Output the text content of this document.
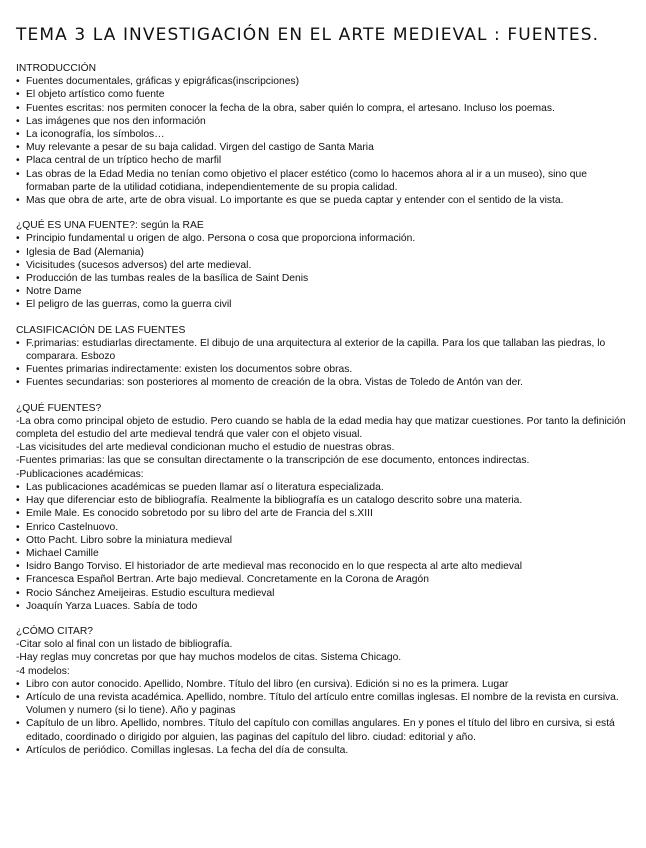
TEMA 3 LA INVESTIGACIÓN EN EL ARTE MEDIEVAL : FUENTES.

INTRODUCCIÓN

• Fuentes documentales, gráficas y epigráficas(inscripciones)
• El objeto artístico como fuente
• Fuentes escritas: nos permiten conocer la fecha de la obra, saber quién lo compra, el artesano. Incluso los poemas.
• Las imágenes que nos den información
• La iconografía, los símbolos…
• Muy relevante a pesar de su baja calidad. Virgen del castigo de Santa Maria
• Placa central de un tríptico hecho de marfil
• Las obras de la Edad Media no tenían como objetivo el placer estético (como lo hacemos ahora al ir a un museo), sino que formaban parte de la utilidad cotidiana, independientemente de su propia calidad.
• Mas que obra de arte, arte de obra visual. Lo importante es que se pueda captar y entender con el sentido de la vista.

¿QUÉ ES UNA FUENTE?: según la RAE

• Principio fundamental u origen de algo. Persona o cosa que proporciona información.
• Iglesia de Bad (Alemania)
• Vicisitudes (sucesos adversos) del arte medieval.
• Producción de las tumbas reales de la basílica de Saint Denis
• Notre Dame
• El peligro de las guerras, como la guerra civil

CLASIFICACIÓN DE LAS FUENTES

• F.primarias: estudiarlas directamente. El dibujo de una arquitectura al exterior de la capilla. Para los que tallaban las piedras, lo comparara. Esbozo
• Fuentes primarias indirectamente: existen los documentos sobre obras.
• Fuentes secundarias: son posteriores al momento de creación de la obra. Vistas de Toledo de Antón van der.

¿QUÉ FUENTES?

-La obra como principal objeto de estudio. Pero cuando se habla de la edad media hay que matizar cuestiones. Por tanto la definición completa del estudio del arte medieval tendrá que valer con el objeto visual.

-Las vicisitudes del arte medieval condicionan mucho el estudio de nuestras obras.

-Fuentes primarias: las que se consultan directamente o la transcripción de ese documento, entonces indirectas.

-Publicaciones académicas:

• Las publicaciones académicas se pueden llamar así o literatura especializada.
• Hay que diferenciar esto de bibliografía. Realmente la bibliografía es un catalogo descrito sobre una materia.
• Emile Male. Es conocido sobretodo por su libro del arte de Francia del s.XIII
• Enrico Castelnuovo.
• Otto Pacht. Libro sobre la miniatura medieval
• Michael Camille
• Isidro Bango Torviso. El historiador de arte medieval mas reconocido en lo que respecta al arte alto medieval
• Francesca Español Bertran. Arte bajo medieval. Concretamente en la Corona de Aragón
• Rocio Sánchez Ameijeiras. Estudio escultura medieval
• Joaquín Yarza Luaces. Sabía de todo

¿CÓMO CITAR?

-Citar solo al final con un listado de bibliografía.

-Hay reglas muy concretas por que hay muchos modelos de citas. Sistema Chicago.

-4 modelos:

• Libro con autor conocido. Apellido, Nombre. Título del libro (en cursiva). Edición si no es la primera. Lugar
• Artículo de una revista académica. Apellido, nombre. Título del artículo entre comillas inglesas. El nombre de la revista en cursiva. Volumen y numero (si lo tiene). Año y paginas
• Capítulo de un libro. Apellido, nombres. Título del capítulo con comillas angulares. En y pones el título del libro en cursiva, si está editado, coordinado o dirigido por alguien, las paginas del capítulo del libro. ciudad: editorial y año.
• Artículos de periódico. Comillas inglesas. La fecha del día de consulta.
